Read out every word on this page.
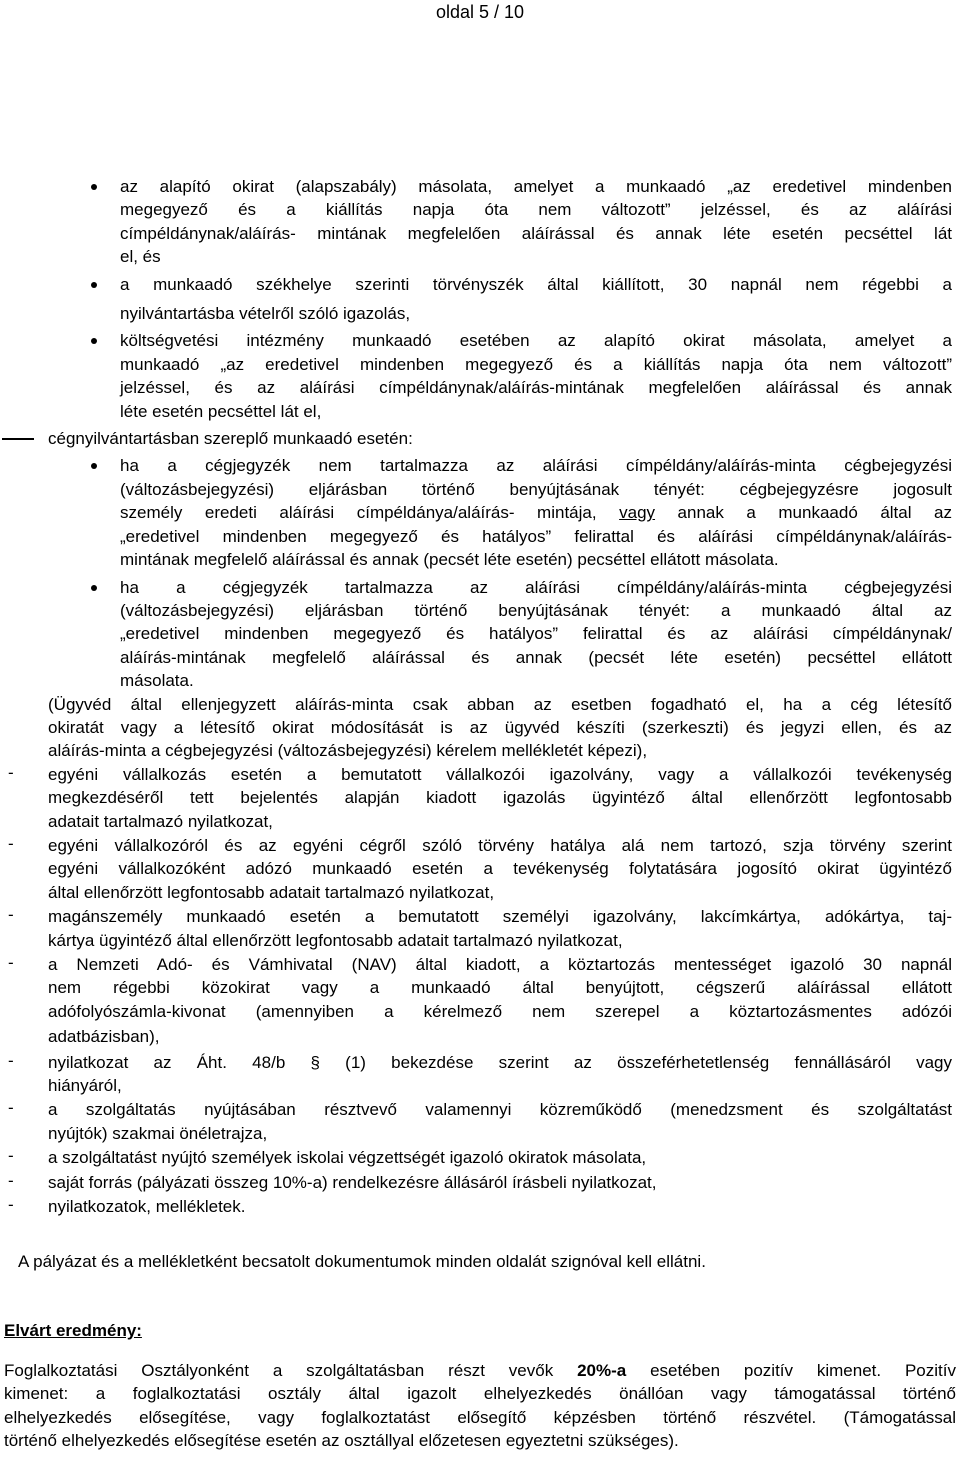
oldal 5 / 10
az alapító okirat (alapszabály) másolata, amelyet a munkaadó „az eredetivel mindenben
megegyező és a kiállítás napja óta nem változott” jelzéssel, és az aláírási
címpéldánynak/aláírás- mintának megfelelően aláírással és annak léte esetén pecséttel lát
el, és
a munkaadó székhelye szerinti törvényszék által kiállított, 30 napnál nem régebbi a
nyilvántartásba vételről szóló igazolás,
költségvetési intézmény munkaadó esetében az alapító okirat másolata, amelyet a
munkaadó „az eredetivel mindenben megegyező és a kiállítás napja óta nem változott”
jelzéssel, és az aláírási címpéldánynak/aláírás-mintának megfelelően aláírással és annak
léte esetén pecséttel lát el,
cégnyilvántartásban szereplő munkaadó esetén:
ha a cégjegyzék nem tartalmazza az aláírási címpéldány/aláírás-minta cégbejegyzési
(változásbejegyzési) eljárásban történő benyújtásának tényét: cégbejegyzésre jogosult
személy eredeti aláírási címpéldánya/aláírás- mintája, vagy annak a munkaadó által az
„eredetivel mindenben megegyező és hatályos” felirattal és aláírási címpéldánynak/aláírás-
mintának megfelelő aláírással és annak (pecsét léte esetén) pecséttel ellátott másolata.
ha a cégjegyzék tartalmazza az aláírási címpéldány/aláírás-minta cégbejegyzési
(változásbejegyzési) eljárásban történő benyújtásának tényét: a munkaadó által az
„eredetivel mindenben megegyező és hatályos” felirattal és az aláírási címpéldánynak/
aláírás-mintának megfelelő aláírással és annak (pecsét léte esetén) pecséttel ellátott
másolata.
(Ügyvéd által ellenjegyzett aláírás-minta csak abban az esetben fogadható el, ha a cég létesítő
okiratát vagy a létesítő okirat módosítását is az ügyvéd készíti (szerkeszti) és jegyzi ellen, és az
aláírás-minta a cégbejegyzési (változásbejegyzési) kérelem mellékletét képezi),
- egyéni vállalkozás esetén a bemutatott vállalkozói igazolvány, vagy a vállalkozói tevékenység
megkezdéséről tett bejelentés alapján kiadott igazolás ügyintéző által ellenőrzött legfontosabb
adatait tartalmazó nyilatkozat,
- egyéni vállalkozóról és az egyéni cégről szóló törvény hatálya alá nem tartozó, szja törvény szerint
egyéni vállalkozóként adózó munkaadó esetén a tevékenység folytatására jogosító okirat ügyintéző
által ellenőrzött legfontosabb adatait tartalmazó nyilatkozat,
- magánszemély munkaadó esetén a bemutatott személyi igazolvány, lakcímkártya, adókártya, taj-
kártya ügyintéző által ellenőrzött legfontosabb adatait tartalmazó nyilatkozat,
- a Nemzeti Adó- és Vámhivatal (NAV) által kiadott, a köztartozás mentességet igazoló 30 napnál
nem régebbi közokirat vagy a munkaadó által benyújtott, cégszerű aláírással ellátott
adófolyószámla-kivonat (amennyiben a kérelmező nem szerepel a köztartozásmentes adózói
adatbázisban),
- nyilatkozat az Áht. 48/b § (1) bekezdése szerint az összeférhetetlenség fennállásáról vagy
hiányáról,
- a szolgáltatás nyújtásában résztvevő valamennyi közreműködő (menedzsment és szolgáltatást
nyújtók) szakmai önéletrajza,
- a szolgáltatást nyújtó személyek iskolai végzettségét igazoló okiratok másolata,
- saját forrás (pályázati összeg 10%-a) rendelkezésre állásáról írásbeli nyilatkozat,
- nyilatkozatok, mellékletek.
A pályázat és a mellékletként becsatolt dokumentumok minden oldalát szignóval kell ellátni.
Elvárt eredmény:
Foglalkoztatási Osztályonként a szolgáltatásban részt vevők 20%-a esetében pozitív kimenet. Pozitív
kimenet: a foglalkoztatási osztály által igazolt elhelyezkedés önállóan vagy támogatással történő
elhelyezkedés elősegítése, vagy foglalkoztatást elősegítő képzésben történő részvétel. (Támogatással
történő elhelyezkedés elősegítése esetén az osztállyal előzetesen egyeztetni szükséges).
